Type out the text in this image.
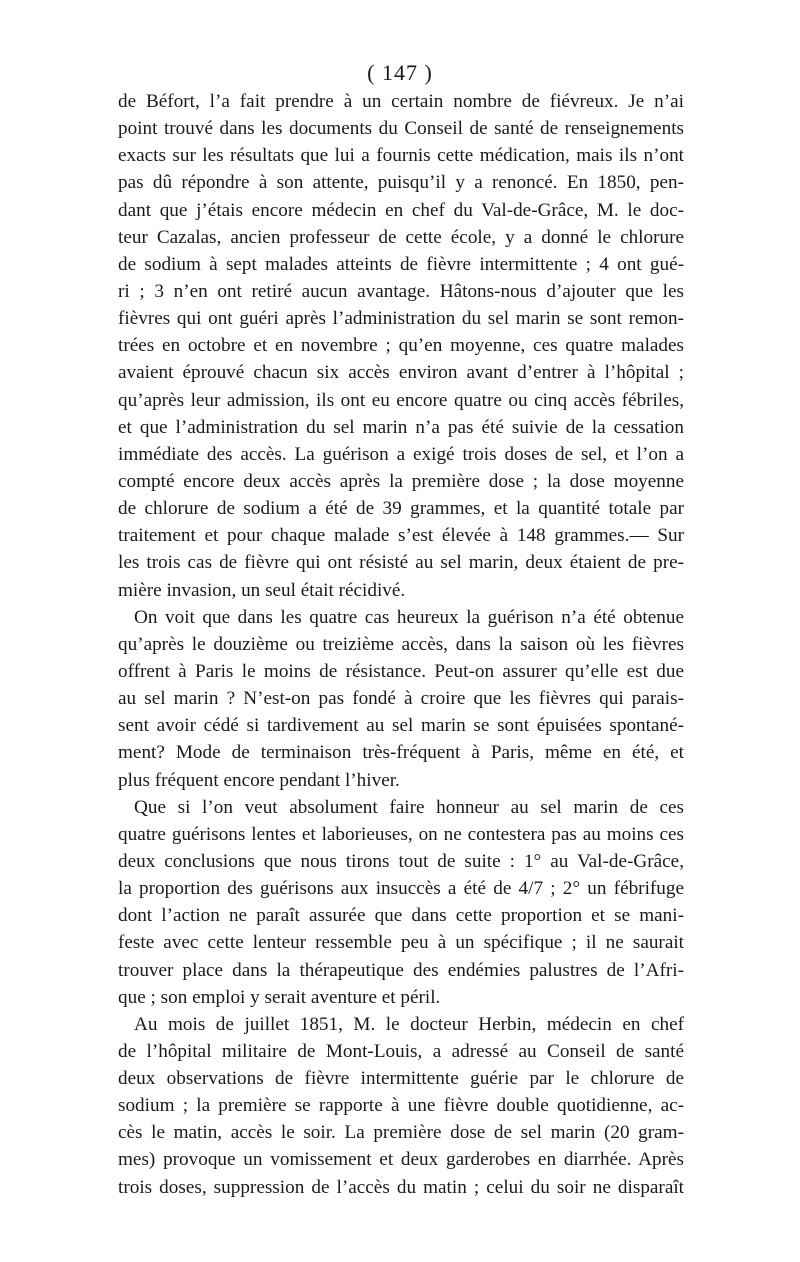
( 147 )
de Béfort, l’a fait prendre à un certain nombre de fiévreux. Je n’ai
point trouvé dans les documents du Conseil de santé de renseignements
exacts sur les résultats que lui a fournis cette médication, mais ils n’ont
pas dû répondre à son attente, puisqu’il y a renoncé. En 1850, pen-
dant que j’étais encore médecin en chef du Val-de-Grâce, M. le doc-
teur Cazalas, ancien professeur de cette école, y a donné le chlorure
de sodium à sept malades atteints de fièvre intermittente ; 4 ont gué-
ri ; 3 n’en ont retiré aucun avantage. Hâtons-nous d’ajouter que les
fièvres qui ont guéri après l’administration du sel marin se sont remon-
trées en octobre et en novembre ; qu’en moyenne, ces quatre malades
avaient éprouvé chacun six accès environ avant d’entrer à l’hôpital ;
qu’après leur admission, ils ont eu encore quatre ou cinq accès fébriles,
et que l’administration du sel marin n’a pas été suivie de la cessation
immédiate des accès. La guérison a exigé trois doses de sel, et l’on a
compté encore deux accès après la première dose ; la dose moyenne
de chlorure de sodium a été de 39 grammes, et la quantité totale par
traitement et pour chaque malade s’est élevée à 148 grammes.— Sur
les trois cas de fièvre qui ont résisté au sel marin, deux étaient de pre-
mière invasion, un seul était récidivé.
On voit que dans les quatre cas heureux la guérison n’a été obtenue
qu’après le douzième ou treizième accès, dans la saison où les fièvres
offrent à Paris le moins de résistance. Peut-on assurer qu’elle est due
au sel marin ? N’est-on pas fondé à croire que les fièvres qui parais-
sent avoir cédé si tardivement au sel marin se sont épuisées spontané-
ment? Mode de terminaison très-fréquent à Paris, même en été, et
plus fréquent encore pendant l’hiver.
Que si l’on veut absolument faire honneur au sel marin de ces
quatre guérisons lentes et laborieuses, on ne contestera pas au moins ces
deux conclusions que nous tirons tout de suite : 1° au Val-de-Grâce,
la proportion des guérisons aux insuccès a été de 4/7 ; 2° un fébrifuge
dont l’action ne paraît assurée que dans cette proportion et se mani-
feste avec cette lenteur ressemble peu à un spécifique ; il ne saurait
trouver place dans la thérapeutique des endémies palustres de l’Afri-
que ; son emploi y serait aventure et péril.
Au mois de juillet 1851, M. le docteur Herbin, médecin en chef
de l’hôpital militaire de Mont-Louis, a adressé au Conseil de santé
deux observations de fièvre intermittente guérie par le chlorure de
sodium ; la première se rapporte à une fièvre double quotidienne, ac-
cès le matin, accès le soir. La première dose de sel marin (20 gram-
mes) provoque un vomissement et deux garderobes en diarrhée. Après
trois doses, suppression de l’accès du matin ; celui du soir ne disparaît
